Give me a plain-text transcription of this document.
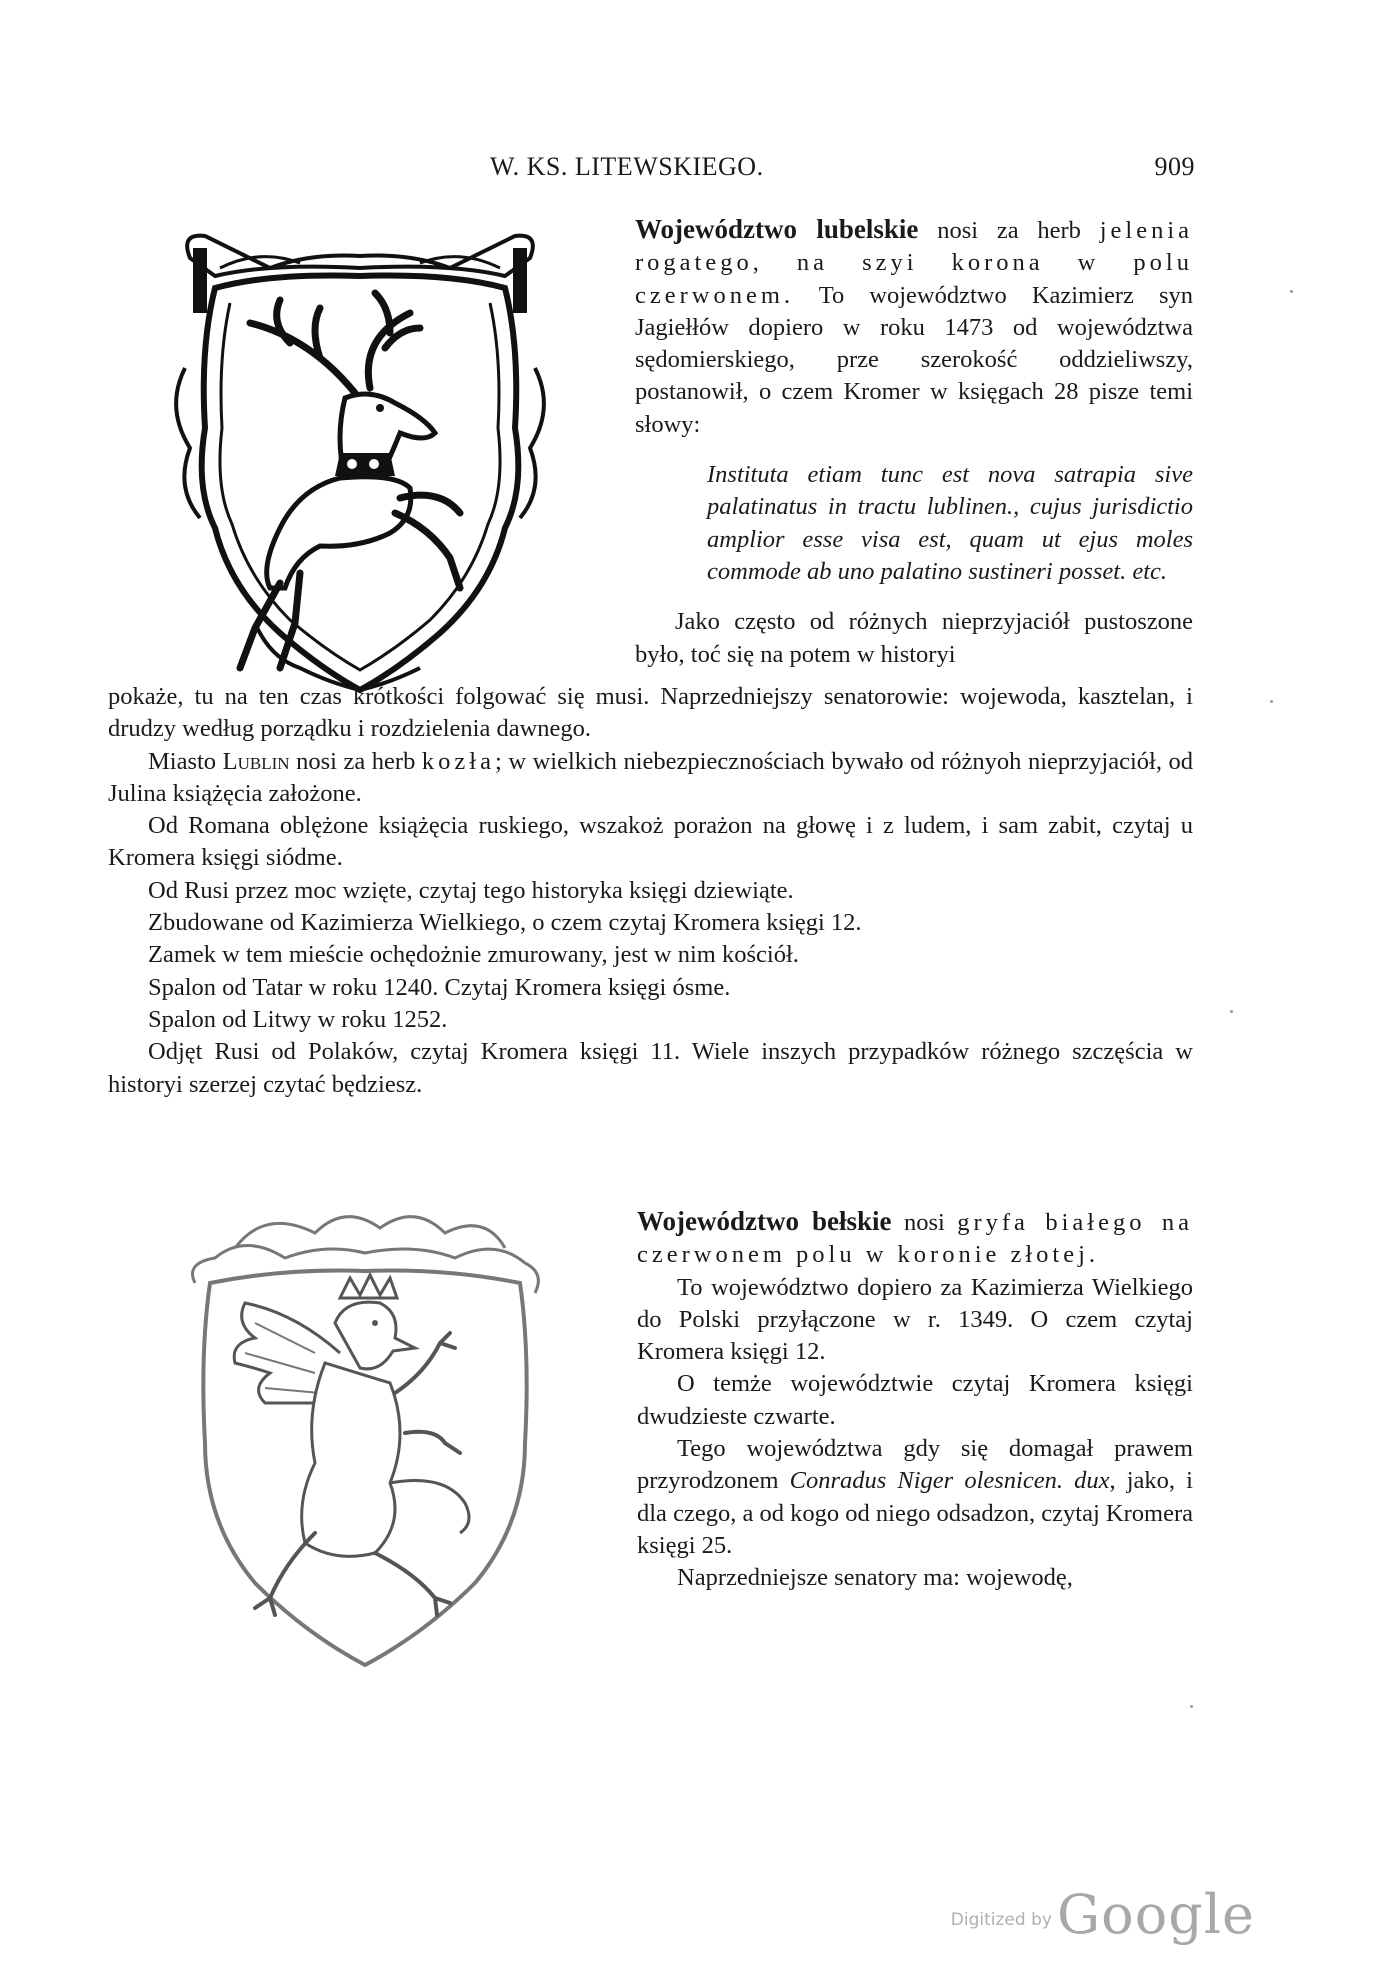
W. KS. LITEWSKIEGO.	909

Województwo lubelskie nosi za herb jelenia rogatego, na szyi korona w polu czerwonem. To województwo Kazimierz syn Jagiełłów dopiero w roku 1473 od województwa sędomierskiego, prze szerokość oddzieliwszy, postanowił, o czem Kromer w księgach 28 pisze temi słowy:

Instituta etiam tunc est nova satrapia sive palatinatus in tractu lublinen., cujus jurisdictio amplior esse visa est, quam ut ejus moles commode ab uno palatino sustineri posset. etc.

Jako często od różnych nieprzyjaciół pustoszone było, toć się na potem w historyi

pokaże, tu na ten czas krótkości folgować się musi. Naprzedniejszy senatorowie: wojewoda, kasztelan, i drudzy według porządku i rozdzielenia dawnego.

Miasto Lublin nosi za herb kozła; w wielkich niebezpiecznościach bywało od różnyoh nieprzyjaciół, od Julina książęcia założone.

Od Romana oblężone książęcia ruskiego, wszakoż porażon na głowę i z ludem, i sam zabit, czytaj u Kromera księgi siódme.

Od Rusi przez moc wzięte, czytaj tego historyka księgi dziewiąte.

Zbudowane od Kazimierza Wielkiego, o czem czytaj Kromera księgi 12.

Zamek w tem mieście ochędożnie zmurowany, jest w nim kościół.

Spalon od Tatar w roku 1240. Czytaj Kromera księgi ósme.

Spalon od Litwy w roku 1252.

Odjęt Rusi od Polaków, czytaj Kromera księgi 11. Wiele inszych przypadków różnego szczęścia w historyi szerzej czytać będziesz.

Województwo bełskie nosi gryfa białego na czerwonem polu w koronie złotej.

To województwo dopiero za Kazimierza Wielkiego do Polski przyłączone w r. 1349. O czem czytaj Kromera księgi 12.

O temże województwie czytaj Kromera księgi dwudzieste czwarte.

Tego województwa gdy się domagał prawem przyrodzonem Conradus Niger olesnicen. dux, jako, i dla czego, a od kogo od niego odsadzon, czytaj Kromera księgi 25.

Naprzedniejsze senatory ma: wojewodę,

Digitized by Google
